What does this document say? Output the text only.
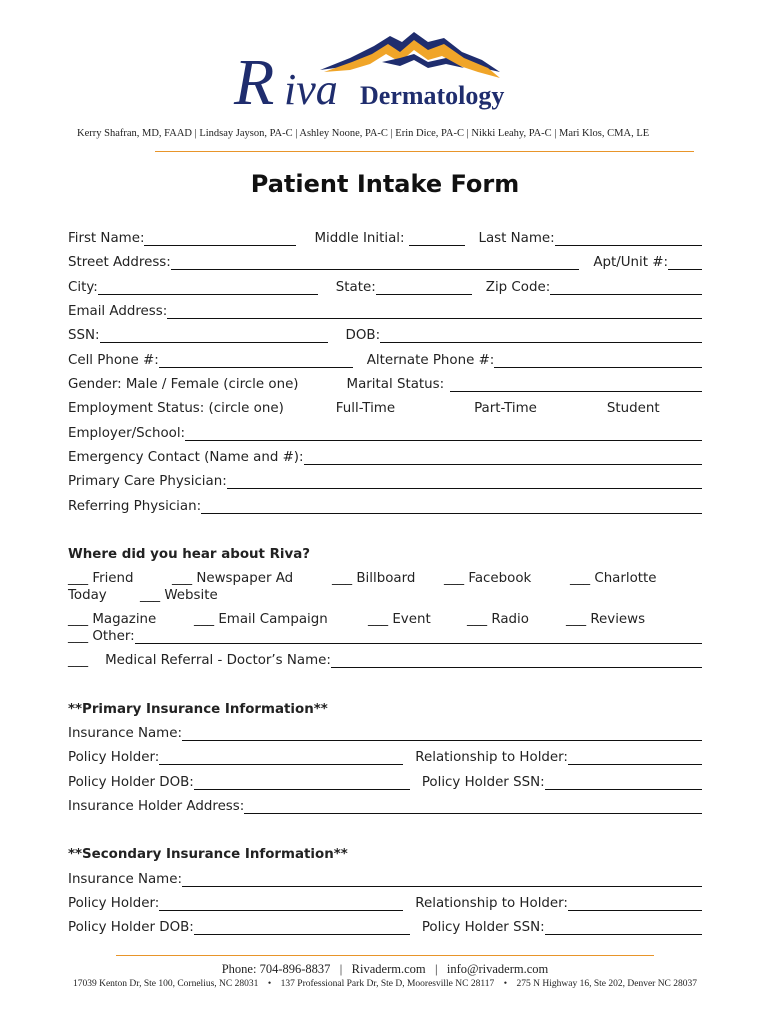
R iva Dermatology
Kerry Shafran, MD, FAAD | Lindsay Jayson, PA-C | Ashley Noone, PA-C | Erin Dice, PA-C | Nikki Leahy, PA-C | Mari Klos, CMA, LE
Patient Intake Form
First Name:	Middle Initial:	Last Name:
Street Address:	Apt/Unit #:
City:	State:	Zip Code:
Email Address:
SSN:	DOB:
Cell Phone #:	Alternate Phone #:
Gender: Male / Female (circle one)	Marital Status:
Employment Status: (circle one)	Full-Time	Part-Time	Student
Employer/School:
Emergency Contact (Name and #):
Primary Care Physician:
Referring Physician:
Where did you hear about Riva?
___ Friend	___ Newspaper Ad	___ Billboard ___ Facebook	___ Charlotte
Today ___ Website
___ Magazine	___ Email Campaign	___ Event	___ Radio	___ Reviews
___ Other:
___    Medical Referral - Doctor’s Name:
**Primary Insurance Information**
Insurance Name:
Policy Holder:	Relationship to Holder:
Policy Holder DOB:	Policy Holder SSN:
Insurance Holder Address:
**Secondary Insurance Information**
Insurance Name:
Policy Holder:	Relationship to Holder:
Policy Holder DOB:	Policy Holder SSN:
Phone: 704-896-8837   |   Rivaderm.com   |   info@rivaderm.com
17039 Kenton Dr, Ste 100, Cornelius, NC 28031    •    137 Professional Park Dr, Ste D, Mooresville NC 28117    •    275 N Highway 16, Ste 202, Denver NC 28037
